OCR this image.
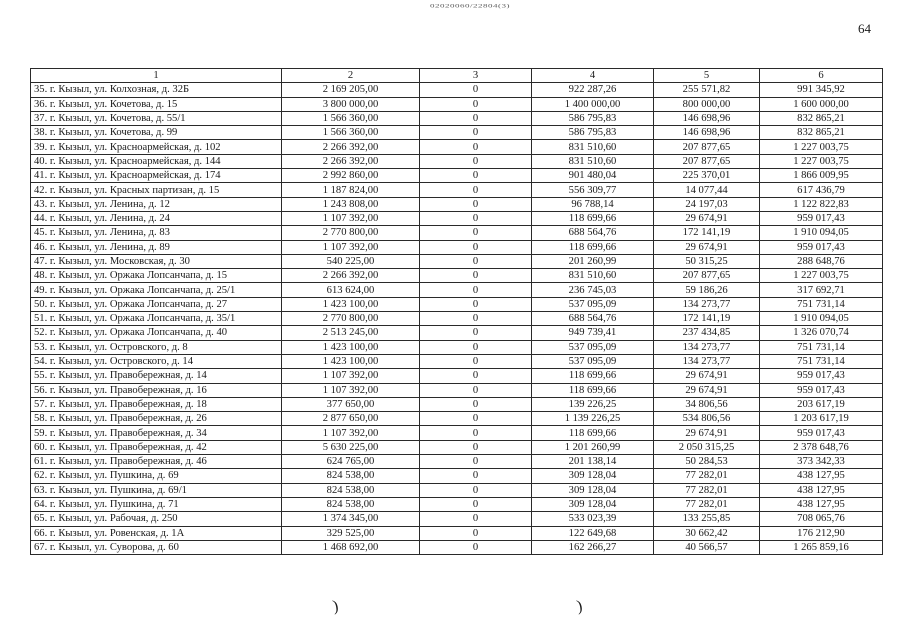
02020060/22804(3)
64
1	2	3	4	5	6
35. г. Кызыл, ул. Колхозная, д. 32Б	2 169 205,00	0	922 287,26	255 571,82	991 345,92
36. г. Кызыл, ул. Кочетова, д. 15	3 800 000,00	0	1 400 000,00	800 000,00	1 600 000,00
37. г. Кызыл, ул. Кочетова, д. 55/1	1 566 360,00	0	586 795,83	146 698,96	832 865,21
38. г. Кызыл, ул. Кочетова, д. 99	1 566 360,00	0	586 795,83	146 698,96	832 865,21
39. г. Кызыл, ул. Красноармейская, д. 102	2 266 392,00	0	831 510,60	207 877,65	1 227 003,75
40. г. Кызыл, ул. Красноармейская, д. 144	2 266 392,00	0	831 510,60	207 877,65	1 227 003,75
41. г. Кызыл, ул. Красноармейская, д. 174	2 992 860,00	0	901 480,04	225 370,01	1 866 009,95
42. г. Кызыл, ул. Красных партизан, д. 15	1 187 824,00	0	556 309,77	14 077,44	617 436,79
43. г. Кызыл, ул. Ленина, д. 12	1 243 808,00	0	96 788,14	24 197,03	1 122 822,83
44. г. Кызыл, ул. Ленина, д. 24	1 107 392,00	0	118 699,66	29 674,91	959 017,43
45. г. Кызыл, ул. Ленина, д. 83	2 770 800,00	0	688 564,76	172 141,19	1 910 094,05
46. г. Кызыл, ул. Ленина, д. 89	1 107 392,00	0	118 699,66	29 674,91	959 017,43
47. г. Кызыл, ул. Московская, д. 30	540 225,00	0	201 260,99	50 315,25	288 648,76
48. г. Кызыл, ул. Оржака Лопсанчапа, д. 15	2 266 392,00	0	831 510,60	207 877,65	1 227 003,75
49. г. Кызыл, ул. Оржака Лопсанчапа, д. 25/1	613 624,00	0	236 745,03	59 186,26	317 692,71
50. г. Кызыл, ул. Оржака Лопсанчапа, д. 27	1 423 100,00	0	537 095,09	134 273,77	751 731,14
51. г. Кызыл, ул. Оржака Лопсанчапа, д. 35/1	2 770 800,00	0	688 564,76	172 141,19	1 910 094,05
52. г. Кызыл, ул. Оржака Лопсанчапа, д. 40	2 513 245,00	0	949 739,41	237 434,85	1 326 070,74
53. г. Кызыл, ул. Островского, д. 8	1 423 100,00	0	537 095,09	134 273,77	751 731,14
54. г. Кызыл, ул. Островского, д. 14	1 423 100,00	0	537 095,09	134 273,77	751 731,14
55. г. Кызыл, ул. Правобережная, д. 14	1 107 392,00	0	118 699,66	29 674,91	959 017,43
56. г. Кызыл, ул. Правобережная, д. 16	1 107 392,00	0	118 699,66	29 674,91	959 017,43
57. г. Кызыл, ул. Правобережная, д. 18	377 650,00	0	139 226,25	34 806,56	203 617,19
58. г. Кызыл, ул. Правобережная, д. 26	2 877 650,00	0	1 139 226,25	534 806,56	1 203 617,19
59. г. Кызыл, ул. Правобережная, д. 34	1 107 392,00	0	118 699,66	29 674,91	959 017,43
60. г. Кызыл, ул. Правобережная, д. 42	5 630 225,00	0	1 201 260,99	2 050 315,25	2 378 648,76
61. г. Кызыл, ул. Правобережная, д. 46	624 765,00	0	201 138,14	50 284,53	373 342,33
62. г. Кызыл, ул. Пушкина, д. 69	824 538,00	0	309 128,04	77 282,01	438 127,95
63. г. Кызыл, ул. Пушкина, д. 69/1	824 538,00	0	309 128,04	77 282,01	438 127,95
64. г. Кызыл, ул. Пушкина, д. 71	824 538,00	0	309 128,04	77 282,01	438 127,95
65. г. Кызыл, ул. Рабочая, д. 250	1 374 345,00	0	533 023,39	133 255,85	708 065,76
66. г. Кызыл, ул. Ровенская, д. 1А	329 525,00	0	122 649,68	30 662,42	176 212,90
67. г. Кызыл, ул. Суворова, д. 60	1 468 692,00	0	162 266,27	40 566,57	1 265 859,16
)	)
